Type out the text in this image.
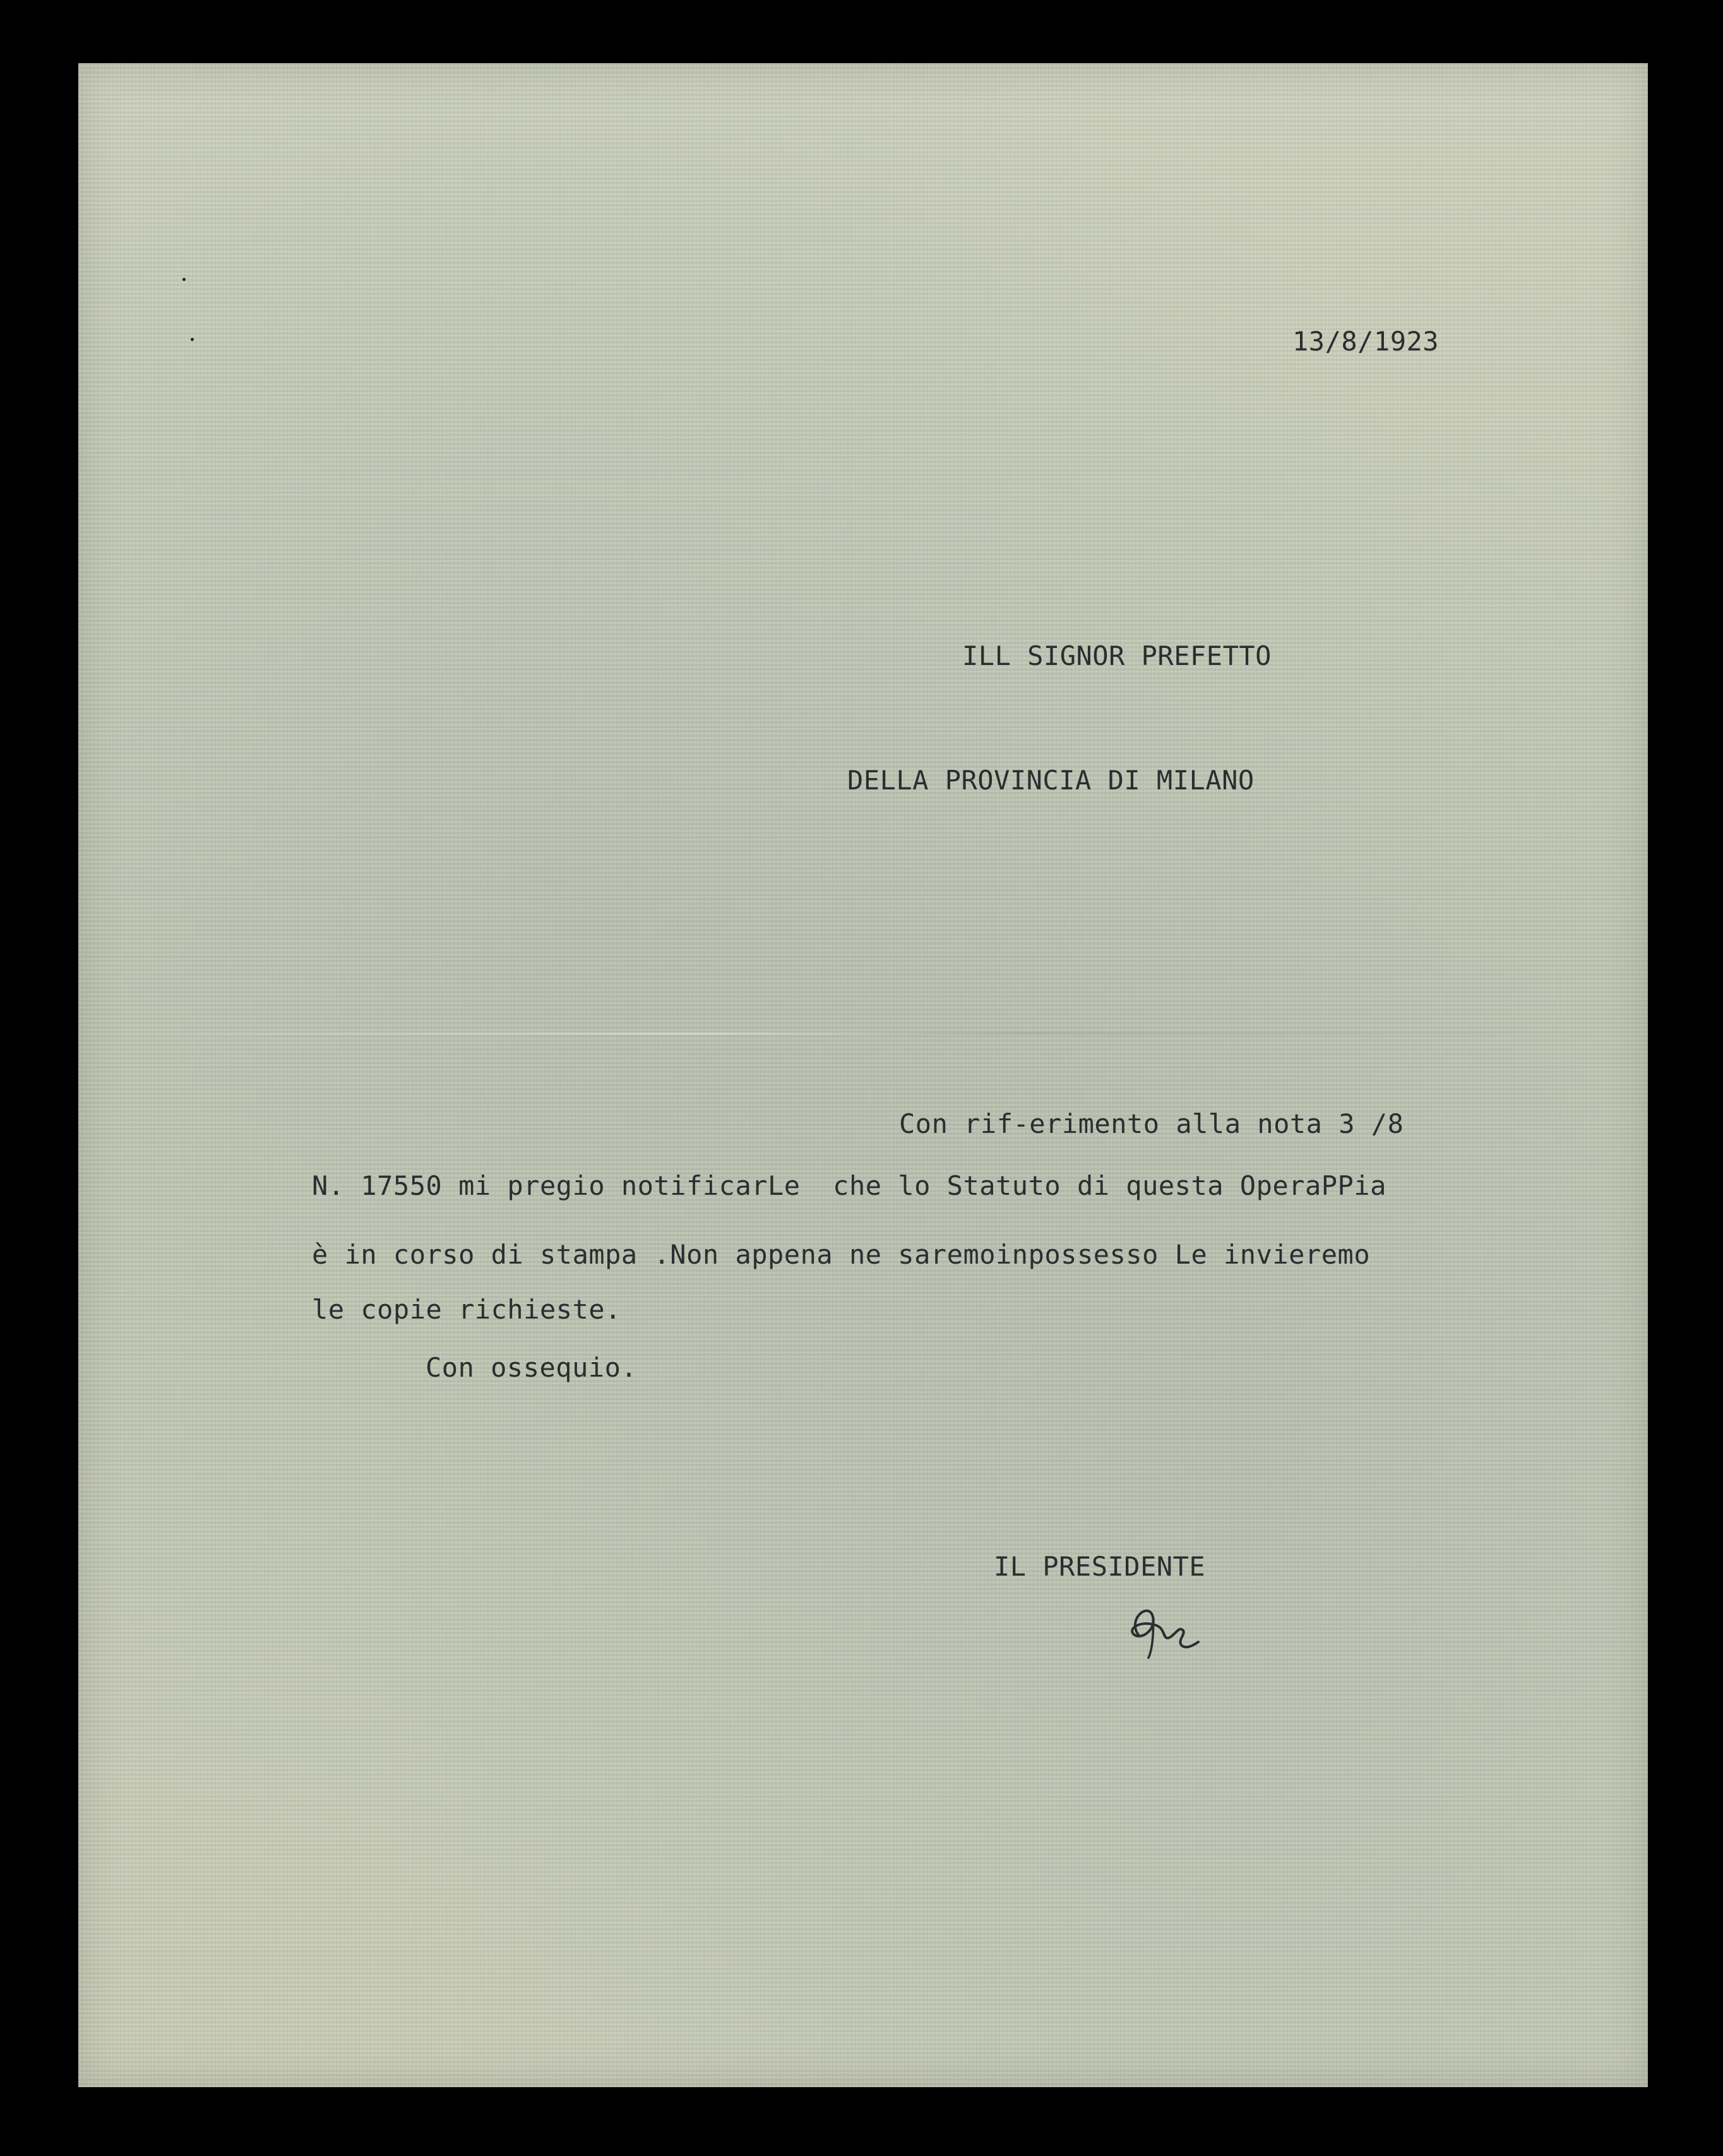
13/8/1923
ILL SIGNOR PREFETTO
DELLA PROVINCIA DI MILANO
Con rif-erimento alla nota 3 /8
N. 17550 mi pregio notificarLe  che lo Statuto di questa OperaPPia
è in corso di stampa .Non appena ne saremoinpossesso Le invieremo
le copie richieste.
Con ossequio.
IL PRESIDENTE
